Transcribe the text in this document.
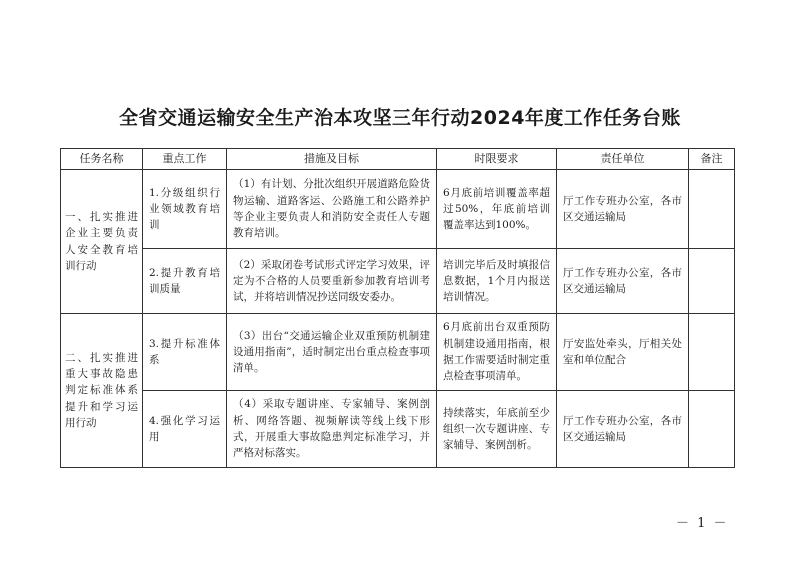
全省交通运输安全生产治本攻坚三年行动2024年度工作任务台账
任务名称	重点工作	措施及目标	时限要求	责任单位	备注
一、扎实推进企业主要负责人安全教育培训行动	1.分级组织行业领域教育培训	（1）有计划、分批次组织开展道路危险货物运输、道路客运、公路施工和公路养护等企业主要负责人和消防安全责任人专题教育培训。	6月底前培训覆盖率超过50%，年底前培训覆盖率达到100%。	厅工作专班办公室，各市区交通运输局	
	2.提升教育培训质量	（2）采取闭卷考试形式评定学习效果，评定为不合格的人员要重新参加教育培训考试，并将培训情况抄送同级安委办。	培训完毕后及时填报信息数据，1个月内报送培训情况。	厅工作专班办公室，各市区交通运输局	
二、扎实推进重大事故隐患判定标准体系提升和学习运用行动	3.提升标准体系	（3）出台“交通运输企业双重预防机制建设通用指南”，适时制定出台重点检查事项清单。	6月底前出台双重预防机制建设通用指南，根据工作需要适时制定重点检查事项清单。	厅安监处牵头，厅相关处室和单位配合	
	4.强化学习运用	（4）采取专题讲座、专家辅导、案例剖析、网络答题、视频解读等线上线下形式，开展重大事故隐患判定标准学习，并严格对标落实。	持续落实，年底前至少组织一次专题讲座、专家辅导、案例剖析。	厅工作专班办公室，各市区交通运输局	
－ 1 －
